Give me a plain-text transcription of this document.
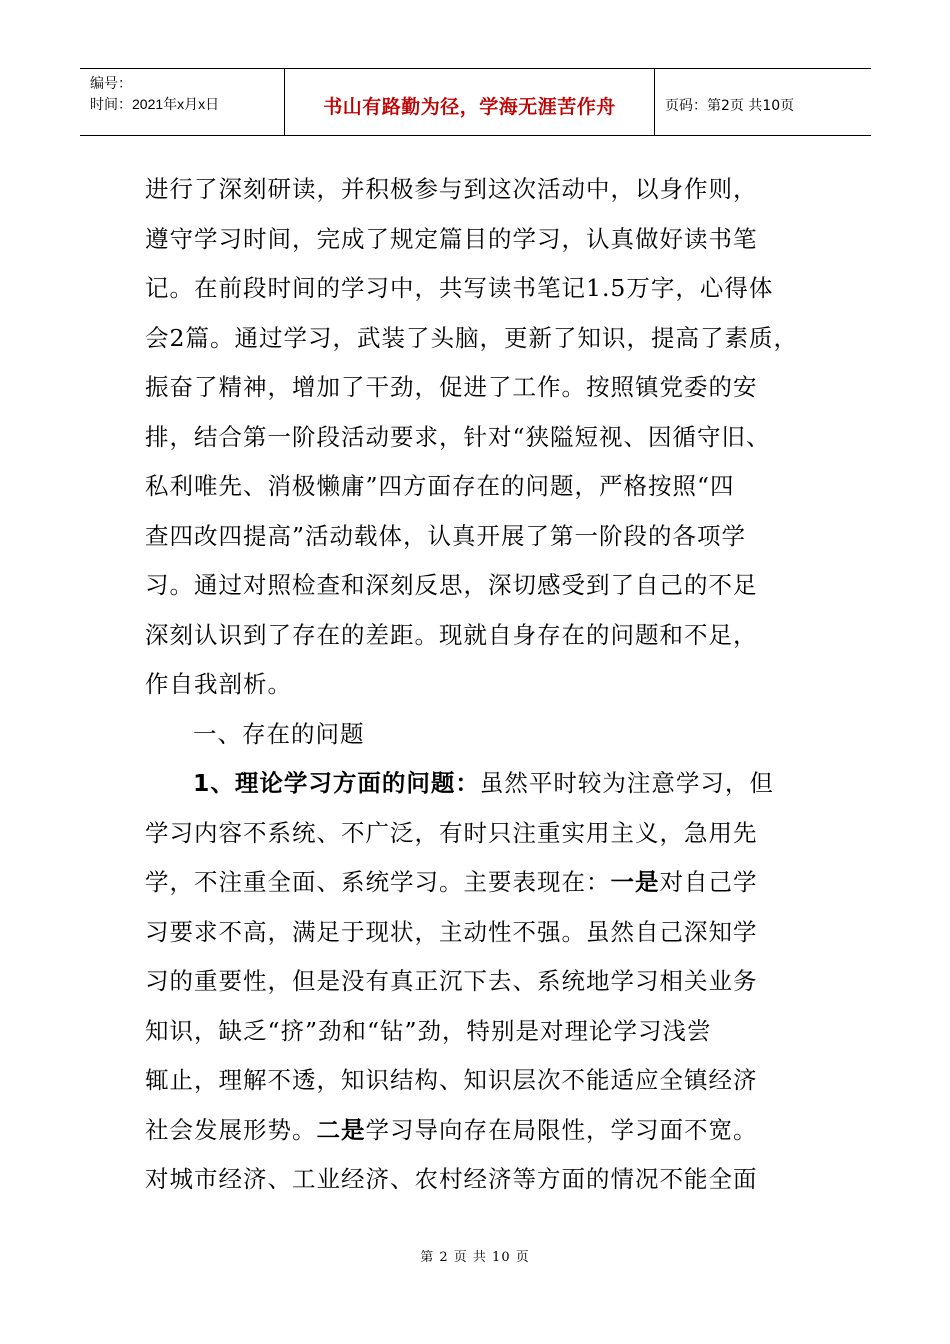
编号：
时间：2021年x月x日	书山有路勤为径，学海无涯苦作舟	页码：第2页 共10页
进行了深刻研读，并积极参与到这次活动中，以身作则，
遵守学习时间，完成了规定篇目的学习，认真做好读书笔
记。在前段时间的学习中，共写读书笔记1.5万字，心得体
会2篇。通过学习，武装了头脑，更新了知识，提高了素质，
振奋了精神，增加了干劲，促进了工作。按照镇党委的安
排，结合第一阶段活动要求，针对“狭隘短视、因循守旧、
私利唯先、消极懒庸”四方面存在的问题，严格按照“四
查四改四提高”活动载体，认真开展了第一阶段的各项学
习。通过对照检查和深刻反思，深切感受到了自己的不足
深刻认识到了存在的差距。现就自身存在的问题和不足，
作自我剖析。
一、存在的问题
1、理论学习方面的问题：虽然平时较为注意学习，但
学习内容不系统、不广泛，有时只注重实用主义，急用先
学，不注重全面、系统学习。主要表现在：一是对自己学
习要求不高，满足于现状，主动性不强。虽然自己深知学
习的重要性，但是没有真正沉下去、系统地学习相关业务
知识，缺乏“挤”劲和“钻”劲，特别是对理论学习浅尝
辄止，理解不透，知识结构、知识层次不能适应全镇经济
社会发展形势。二是学习导向存在局限性，学习面不宽。
对城市经济、工业经济、农村经济等方面的情况不能全面
第 2 页 共 10 页
